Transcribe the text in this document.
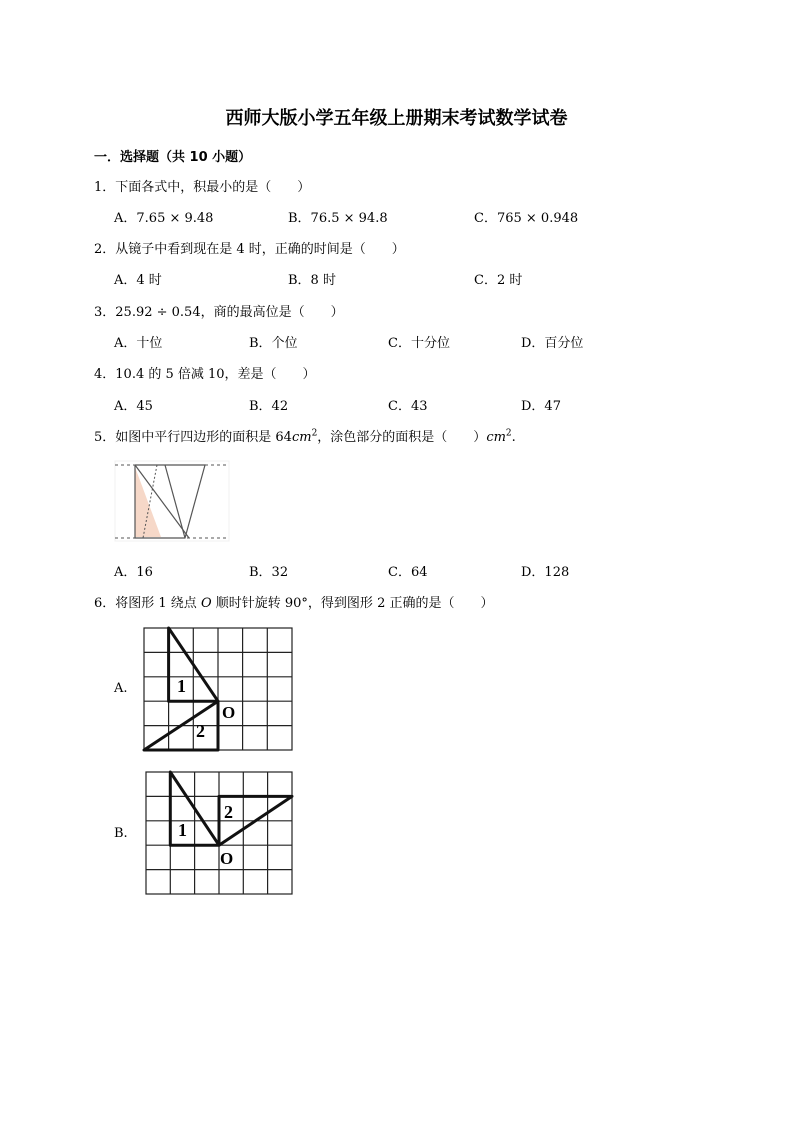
西师大版小学五年级上册期末考试数学试卷
一．选择题（共 10 小题）
1．下面各式中，积最小的是（　　）
A．7.65 × 9.48	B．76.5 × 94.8	C．765 × 0.948
2．从镜子中看到现在是 4 时，正确的时间是（　　）
A．4 时	B．8 时	C．2 时
3．25.92 ÷ 0.54，商的最高位是（　　）
A．十位	B．个位	C．十分位	D．百分位
4．10.4 的 5 倍减 10，差是（　　）
A．45	B．42	C．43	D．47
5．如图中平行四边形的面积是 $64cm^2$，涂色部分的面积是（　　）$cm^2$.
A．16	B．32	C．64	D．128
6．将图形 1 绕点 O 顺时针旋转 90°，得到图形 2 正确的是（　　）
A.	1
2
O
B.	1
2
O
